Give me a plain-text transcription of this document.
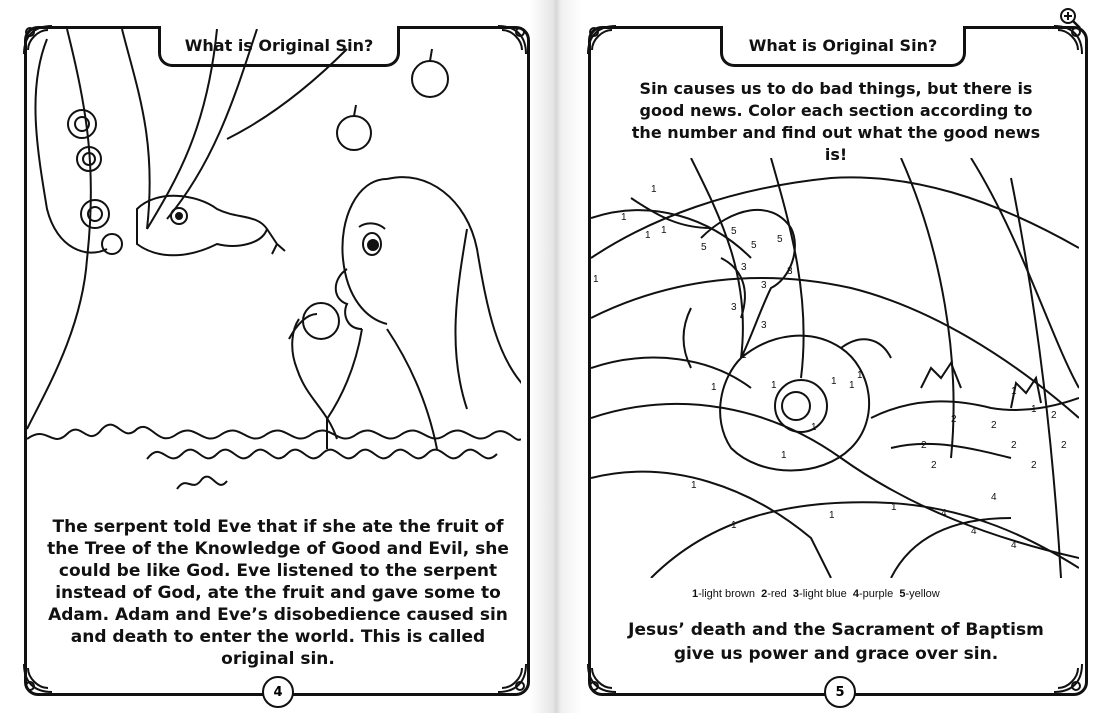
What is Original Sin?
The serpent told Eve that if she ate the fruit of the Tree of the Knowledge of Good and Evil, she could be like God. Eve listened to the serpent instead of God, ate the fruit and gave some to Adam. Adam and Eve’s disobedience caused sin and death to enter the world. This is called original sin.
4
What is Original Sin?
Sin causes us to do bad things, but there is good news. Color each section according to the number and find out what the good news is!
1
1
1 1
1
5
5
5
5
3
3
3
3
3
1
1	1	1 1
1
1
1
1
1
4
4
4
4
2
2
2
2
2
2
2
2
1
1
1
1
1-light brown 2-red 3-light blue 4-purple 5-yellow
Jesus’ death and the Sacrament of Baptism give us power and grace over sin.
5
